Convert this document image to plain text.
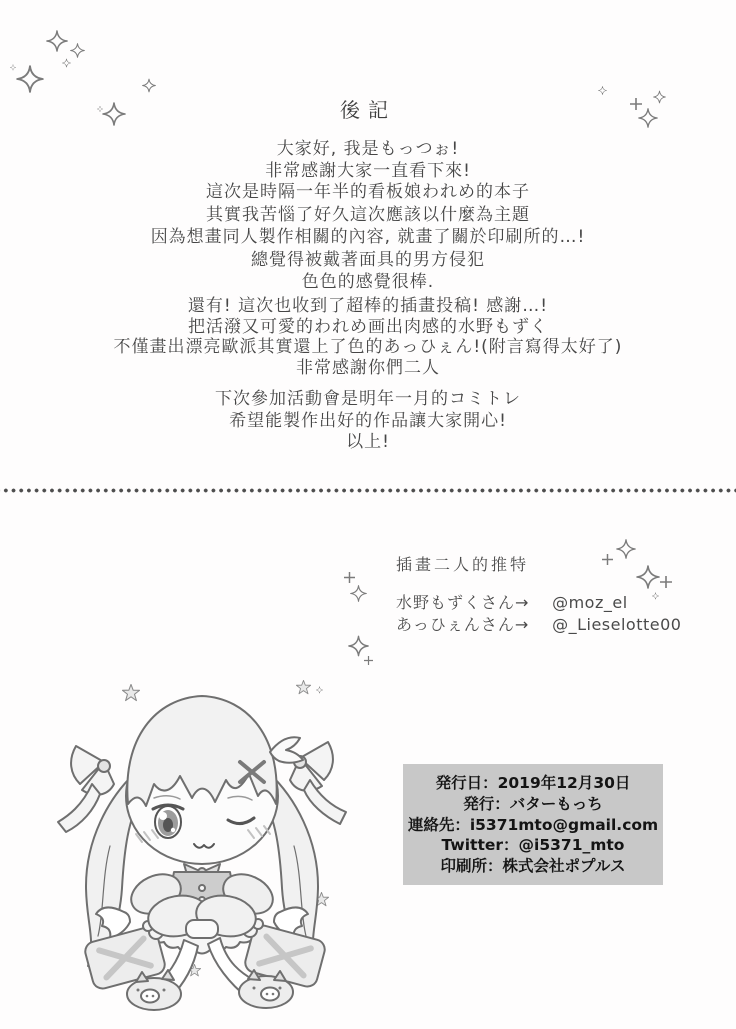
後記
大家好, 我是もっつぉ!
非常感謝大家一直看下來!
這次是時隔一年半的看板娘われめ的本子
其實我苦惱了好久這次應該以什麼為主題
因為想畫同人製作相關的內容, 就畫了關於印刷所的…!
總覺得被戴著面具的男方侵犯
色色的感覺很棒.
還有! 這次也收到了超棒的插畫投稿! 感謝…!
把活潑又可愛的われめ画出肉感的水野もずく
不僅畫出漂亮歐派其實還上了色的あっひぇん!(附言寫得太好了)
非常感謝你們二人
下次參加活動會是明年一月的コミトレ
希望能製作出好的作品讓大家開心!
以上!
插畫二人的推特
水野もずくさん→ @moz_el
あっひぇんさん→ @_Lieselotte00
発行日：2019年12月30日
発行：バターもっち
連絡先：i5371mto@gmail.com
Twitter：@i5371_mto
印刷所：株式会社ポプルス
